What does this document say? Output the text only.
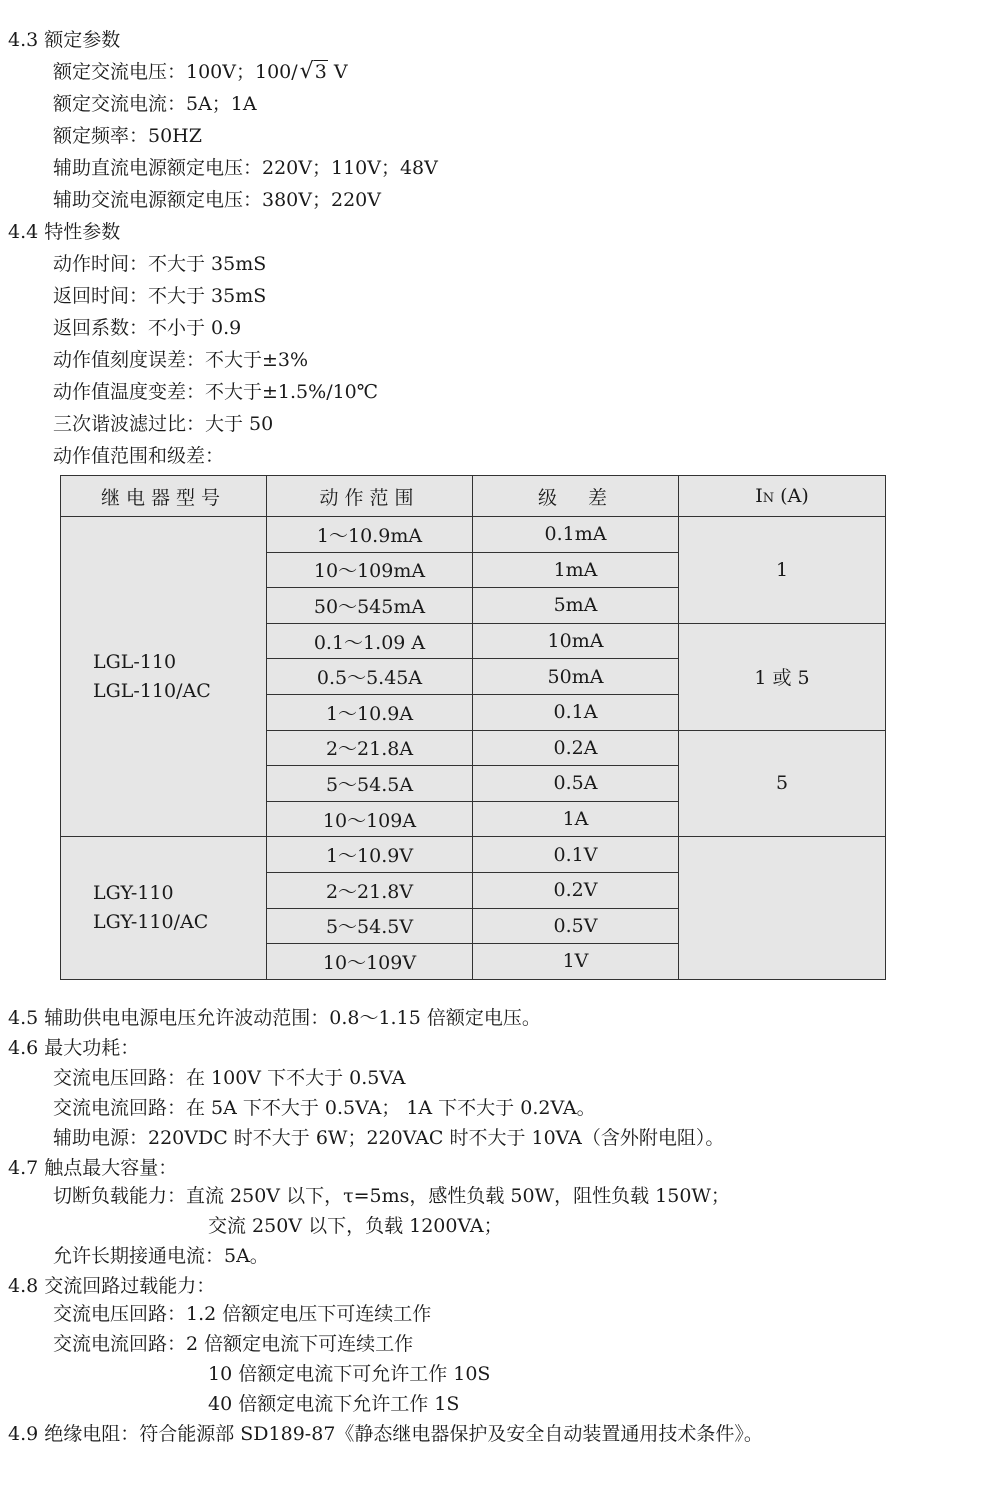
4.3 额定参数
额定交流电压：100V；100/√3 V
额定交流电流：5A；1A
额定频率：50HZ
辅助直流电源额定电压：220V；110V；48V
辅助交流电源额定电压：380V；220V
4.4 特性参数
动作时间：不大于 35mS
返回时间：不大于 35mS
返回系数：不小于 0.9
动作值刻度误差：不大于±3%
动作值温度变差：不大于±1.5%/10℃
三次谐波滤过比：大于 50
动作值范围和级差：
继电器型号	动作范围	级　差	IN (A)
LGL-110
LGL-110/AC	1～10.9mA	0.1mA	1
	10～109mA	1mA	
	50～545mA	5mA	
	0.1～1.09 A	10mA	1 或 5
	0.5～5.45A	50mA	
	1～10.9A	0.1A	
	2～21.8A	0.2A	5
	5～54.5A	0.5A	
	10～109A	1A	
LGY-110
LGY-110/AC	1～10.9V	0.1V	
	2～21.8V	0.2V	
	5～54.5V	0.5V	
	10～109V	1V	
4.5 辅助供电电源电压允许波动范围：0.8～1.15 倍额定电压。
4.6 最大功耗：
交流电压回路：在 100V 下不大于 0.5VA
交流电流回路：在 5A 下不大于 0.5VA； 1A 下不大于 0.2VA。
辅助电源：220VDC 时不大于 6W；220VAC 时不大于 10VA（含外附电阻）。
4.7 触点最大容量：
切断负载能力：直流 250V 以下，τ=5ms，感性负载 50W，阻性负载 150W；
交流 250V 以下，负载 1200VA；
允许长期接通电流：5A。
4.8 交流回路过载能力：
交流电压回路：1.2 倍额定电压下可连续工作
交流电流回路：2 倍额定电流下可连续工作
10 倍额定电流下可允许工作 10S
40 倍额定电流下允许工作 1S
4.9 绝缘电阻：符合能源部 SD189-87《静态继电器保护及安全自动装置通用技术条件》。
